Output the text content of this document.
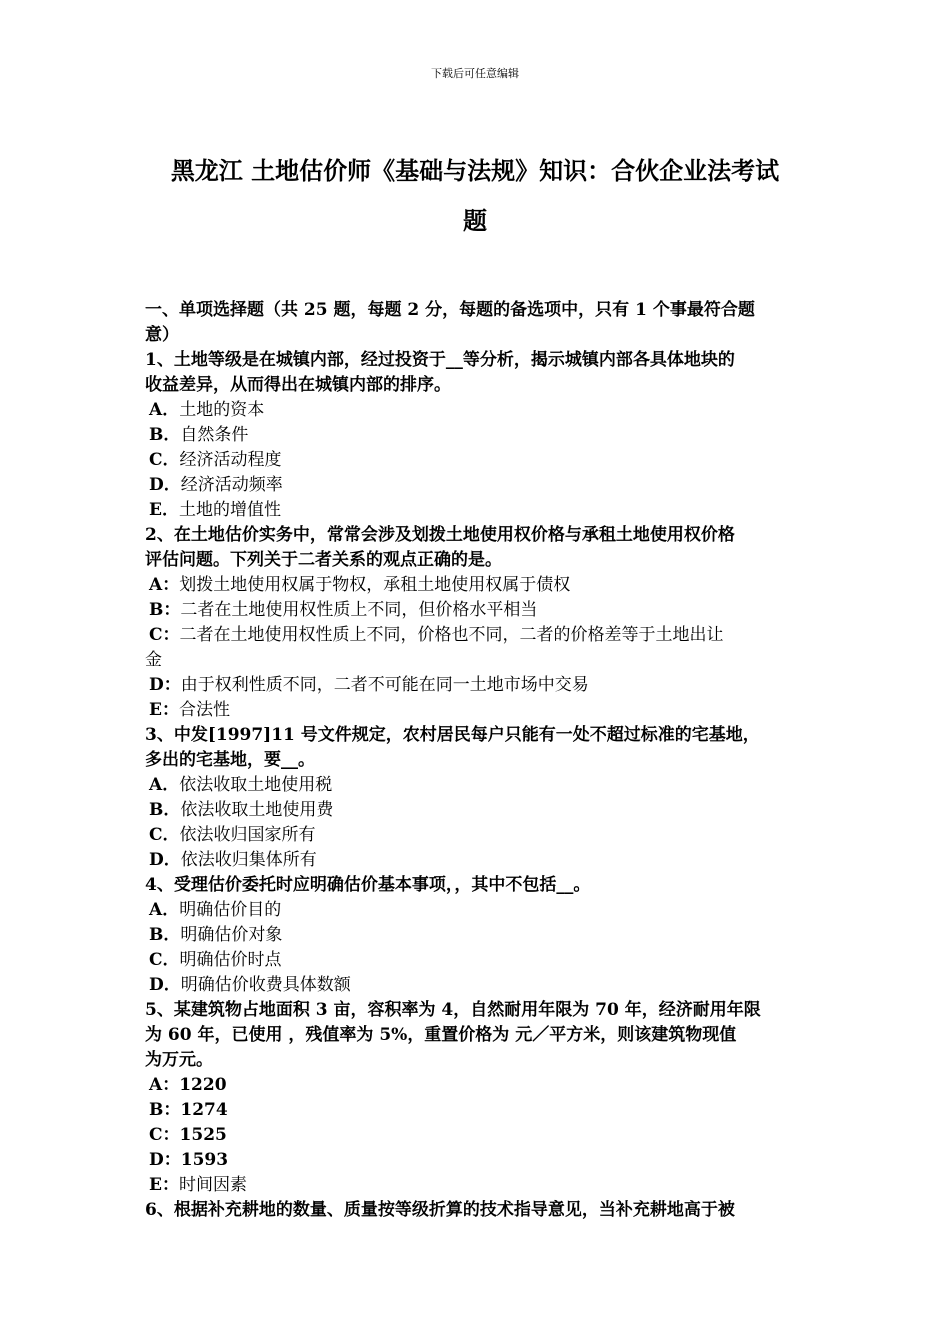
下载后可任意编辑
黑龙江 土地估价师《基础与法规》知识：合伙企业法考试
题
一、单项选择题（共 25 题，每题 2 分，每题的备选项中，只有 1 个事最符合题
意）
1、土地等级是在城镇内部，经过投资于__等分析，揭示城镇内部各具体地块的
收益差异，从而得出在城镇内部的排序。
A．土地的资本
B．自然条件
C．经济活动程度
D．经济活动频率
E．土地的增值性
2、在土地估价实务中，常常会涉及划拨土地使用权价格与承租土地使用权价格
评估问题。下列关于二者关系的观点正确的是。
A：划拨土地使用权属于物权，承租土地使用权属于债权
B：二者在土地使用权性质上不同，但价格水平相当
C：二者在土地使用权性质上不同，价格也不同，二者的价格差等于土地出让
金
D：由于权利性质不同，二者不可能在同一土地市场中交易
E：合法性
3、中发[1997]11 号文件规定，农村居民每户只能有一处不超过标准的宅基地，
多出的宅基地，要__。
A．依法收取土地使用税
B．依法收取土地使用费
C．依法收归国家所有
D．依法收归集体所有
4、受理估价委托时应明确估价基本事项，，其中不包括__。
A．明确估价目的
B．明确估价对象
C．明确估价时点
D．明确估价收费具体数额
5、某建筑物占地面积 3 亩，容积率为 4，自然耐用年限为 70 年，经济耐用年限
为 60 年，已使用 ，残值率为 5%，重置价格为 元／平方米，则该建筑物现值
为万元。
A：1220
B：1274
C：1525
D：1593
E：时间因素
6、根据补充耕地的数量、质量按等级折算的技术指导意见，当补充耕地高于被
